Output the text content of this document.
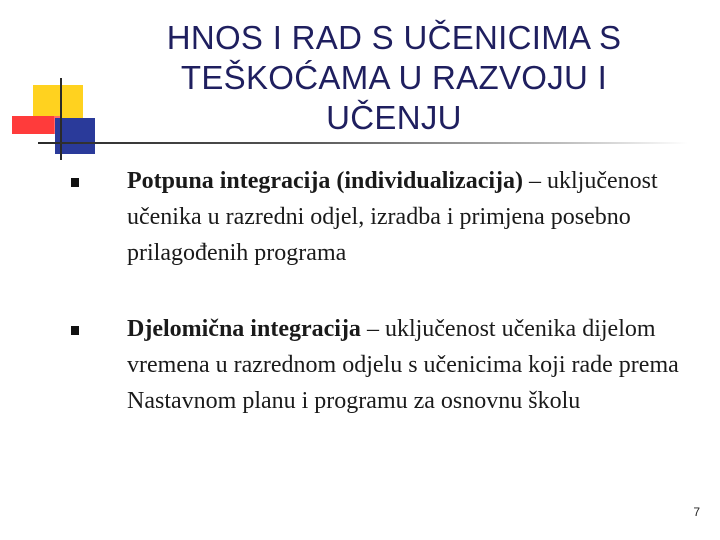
HNOS I RAD S UČENICIMA S TEŠKOĆAMA U RAZVOJU I UČENJU
Potpuna integracija (individualizacija) – uključenost učenika u razredni odjel, izradba i primjena posebno prilagođenih programa
Djelomična integracija – uključenost učenika dijelom vremena u razrednom odjelu s učenicima koji rade prema Nastavnom planu i programu za osnovnu školu
7
